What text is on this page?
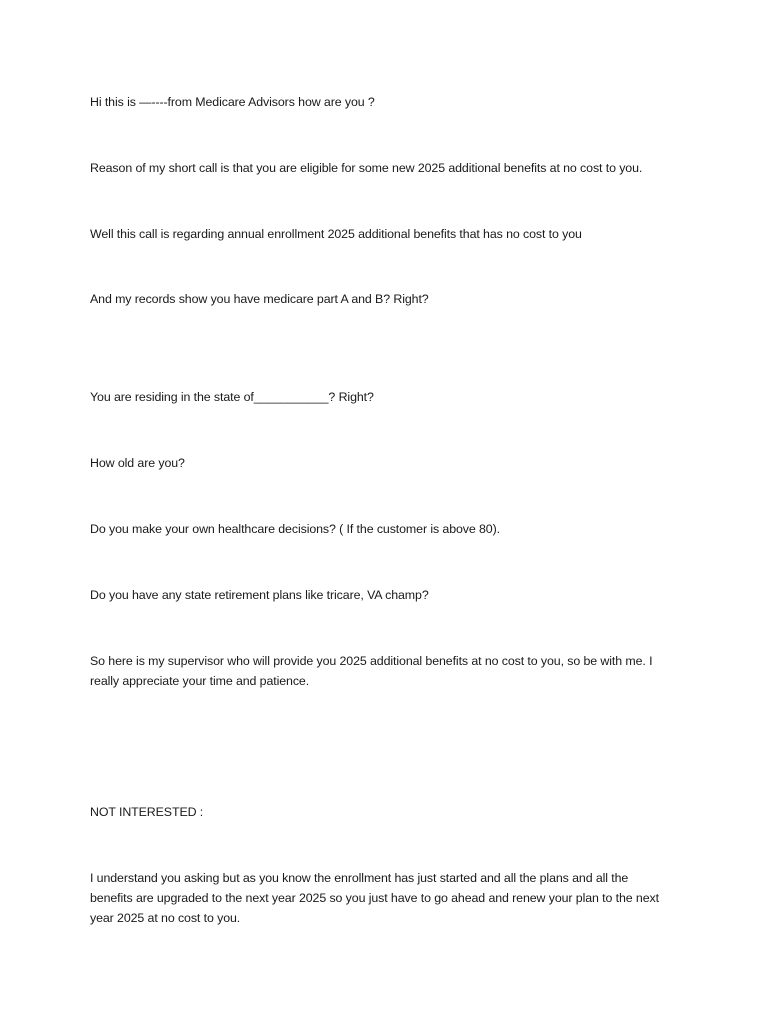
Hi this is —----from Medicare Advisors how are you ?

Reason of my short call is that you are eligible for some new 2025 additional benefits at no cost to you.

Well this call is regarding annual enrollment 2025 additional benefits that has no cost to you

And my records show you have medicare part A and B? Right?

You are residing in the state of___________? Right?

How old are you?

Do you make your own healthcare decisions? ( If the customer is above 80).

Do you have any state retirement plans like tricare, VA champ?

So here is my supervisor who will provide you 2025 additional benefits at no cost to you, so be with me. I really appreciate your time and patience.

NOT INTERESTED :

I understand you asking but as you know the enrollment has just started and all the plans and all the benefits are upgraded to the next year 2025 so you just have to go ahead and renew your plan to the next year 2025 at no cost to you.
